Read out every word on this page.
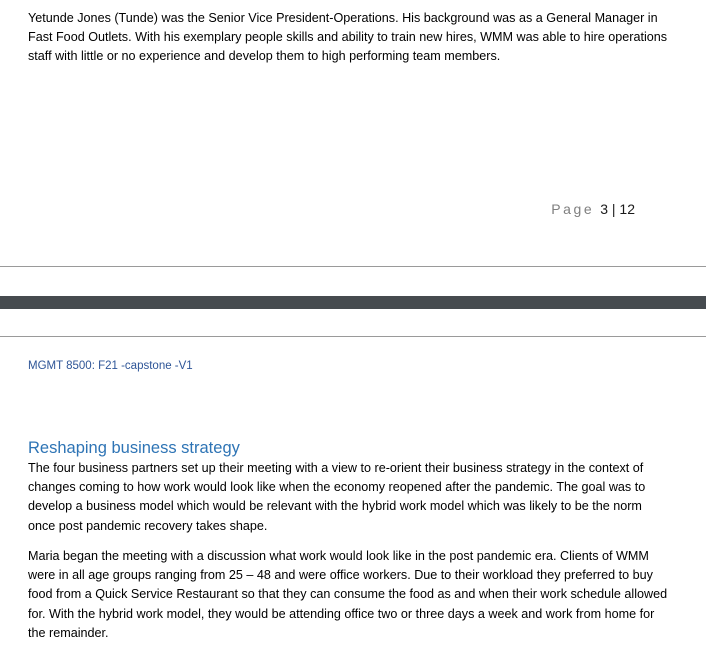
Yetunde Jones (Tunde) was the Senior Vice President-Operations. His background was as a General Manager in Fast Food Outlets. With his exemplary people skills and ability to train new hires, WMM was able to hire operations staff with little or no experience and develop them to high performing team members.

Page 3 | 12
MGMT 8500: F21 -capstone -V1
Reshaping business strategy

The four business partners set up their meeting with a view to re-orient their business strategy in the context of changes coming to how work would look like when the economy reopened after the pandemic. The goal was to develop a business model which would be relevant with the hybrid work model which was likely to be the norm once post pandemic recovery takes shape.

Maria began the meeting with a discussion what work would look like in the post pandemic era. Clients of WMM were in all age groups ranging from 25 – 48 and were office workers. Due to their workload they preferred to buy food from a Quick Service Restaurant so that they can consume the food as and when their work schedule allowed for. With the hybrid work model, they would be attending office two or three days a week and work from home for the remainder.
